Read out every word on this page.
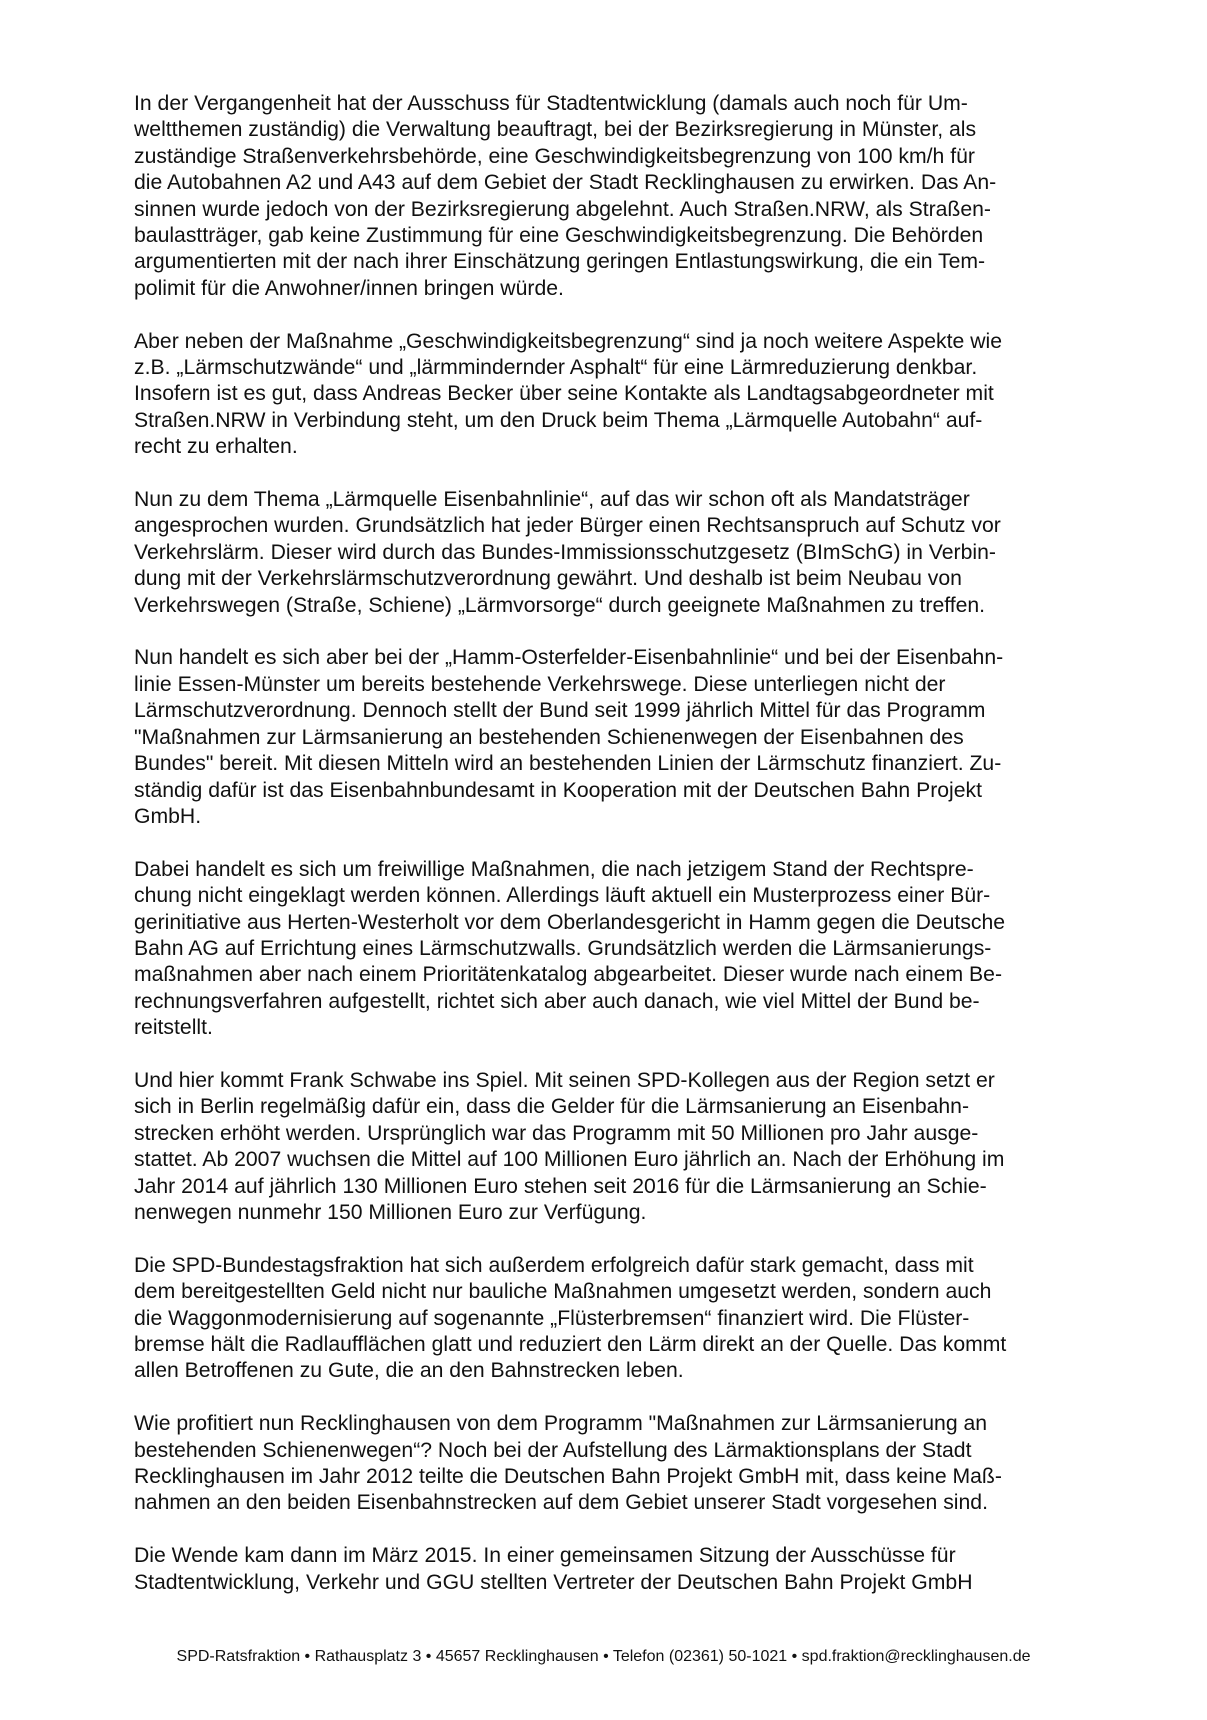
In der Vergangenheit hat der Ausschuss für Stadtentwicklung (damals auch noch für Um-
weltthemen zuständig) die Verwaltung beauftragt, bei der Bezirksregierung in Münster, als
zuständige Straßenverkehrsbehörde, eine Geschwindigkeitsbegrenzung von 100 km/h für
die Autobahnen A2 und A43 auf dem Gebiet der Stadt Recklinghausen zu erwirken. Das An-
sinnen wurde jedoch von der Bezirksregierung abgelehnt. Auch Straßen.NRW, als Straßen-
baulastträger, gab keine Zustimmung für eine Geschwindigkeitsbegrenzung. Die Behörden
argumentierten mit der nach ihrer Einschätzung geringen Entlastungswirkung, die ein Tem-
polimit für die Anwohner/innen bringen würde.
Aber neben der Maßnahme „Geschwindigkeitsbegrenzung“ sind ja noch weitere Aspekte wie
z.B. „Lärmschutzwände“ und „lärmmindernder Asphalt“ für eine Lärmreduzierung denkbar.
Insofern ist es gut, dass Andreas Becker über seine Kontakte als Landtagsabgeordneter mit
Straßen.NRW in Verbindung steht, um den Druck beim Thema „Lärmquelle Autobahn“ auf-
recht zu erhalten.
Nun zu dem Thema „Lärmquelle Eisenbahnlinie“, auf das wir schon oft als Mandatsträger
angesprochen wurden. Grundsätzlich hat jeder Bürger einen Rechtsanspruch auf Schutz vor
Verkehrslärm. Dieser wird durch das Bundes-Immissionsschutzgesetz (BImSchG) in Verbin-
dung mit der Verkehrslärmschutzverordnung gewährt. Und deshalb ist beim Neubau von
Verkehrswegen (Straße, Schiene) „Lärmvorsorge“ durch geeignete Maßnahmen zu treffen.
Nun handelt es sich aber bei der „Hamm-Osterfelder-Eisenbahnlinie“ und bei der Eisenbahn-
linie Essen-Münster um bereits bestehende Verkehrswege. Diese unterliegen nicht der
Lärmschutzverordnung. Dennoch stellt der Bund seit 1999 jährlich Mittel für das Programm
"Maßnahmen zur Lärmsanierung an bestehenden Schienenwegen der Eisenbahnen des
Bundes" bereit. Mit diesen Mitteln wird an bestehenden Linien der Lärmschutz finanziert. Zu-
ständig dafür ist das Eisenbahnbundesamt in Kooperation mit der Deutschen Bahn Projekt
GmbH.
Dabei handelt es sich um freiwillige Maßnahmen, die nach jetzigem Stand der Rechtspre-
chung nicht eingeklagt werden können. Allerdings läuft aktuell ein Musterprozess einer Bür-
gerinitiative aus Herten-Westerholt vor dem Oberlandesgericht in Hamm gegen die Deutsche
Bahn AG auf Errichtung eines Lärmschutzwalls. Grundsätzlich werden die Lärmsanierungs-
maßnahmen aber nach einem Prioritätenkatalog abgearbeitet. Dieser wurde nach einem Be-
rechnungsverfahren aufgestellt, richtet sich aber auch danach, wie viel Mittel der Bund be-
reitstellt.
Und hier kommt Frank Schwabe ins Spiel. Mit seinen SPD-Kollegen aus der Region setzt er
sich in Berlin regelmäßig dafür ein, dass die Gelder für die Lärmsanierung an Eisenbahn-
strecken erhöht werden. Ursprünglich war das Programm mit 50 Millionen pro Jahr ausge-
stattet. Ab 2007 wuchsen die Mittel auf 100 Millionen Euro jährlich an. Nach der Erhöhung im
Jahr 2014 auf jährlich 130 Millionen Euro stehen seit 2016 für die Lärmsanierung an Schie-
nenwegen nunmehr 150 Millionen Euro zur Verfügung.
Die SPD-Bundestagsfraktion hat sich außerdem erfolgreich dafür stark gemacht, dass mit
dem bereitgestellten Geld nicht nur bauliche Maßnahmen umgesetzt werden, sondern auch
die Waggonmodernisierung auf sogenannte „Flüsterbremsen“ finanziert wird. Die Flüster-
bremse hält die Radlaufflächen glatt und reduziert den Lärm direkt an der Quelle. Das kommt
allen Betroffenen zu Gute, die an den Bahnstrecken leben.
Wie profitiert nun Recklinghausen von dem Programm "Maßnahmen zur Lärmsanierung an
bestehenden Schienenwegen“? Noch bei der Aufstellung des Lärmaktionsplans der Stadt
Recklinghausen im Jahr 2012 teilte die Deutschen Bahn Projekt GmbH mit, dass keine Maß-
nahmen an den beiden Eisenbahnstrecken auf dem Gebiet unserer Stadt vorgesehen sind.
Die Wende kam dann im März 2015. In einer gemeinsamen Sitzung der Ausschüsse für
Stadtentwicklung, Verkehr und GGU stellten Vertreter der Deutschen Bahn Projekt GmbH
SPD-Ratsfraktion • Rathausplatz 3 • 45657 Recklinghausen • Telefon (02361) 50-1021 • spd.fraktion@recklinghausen.de
